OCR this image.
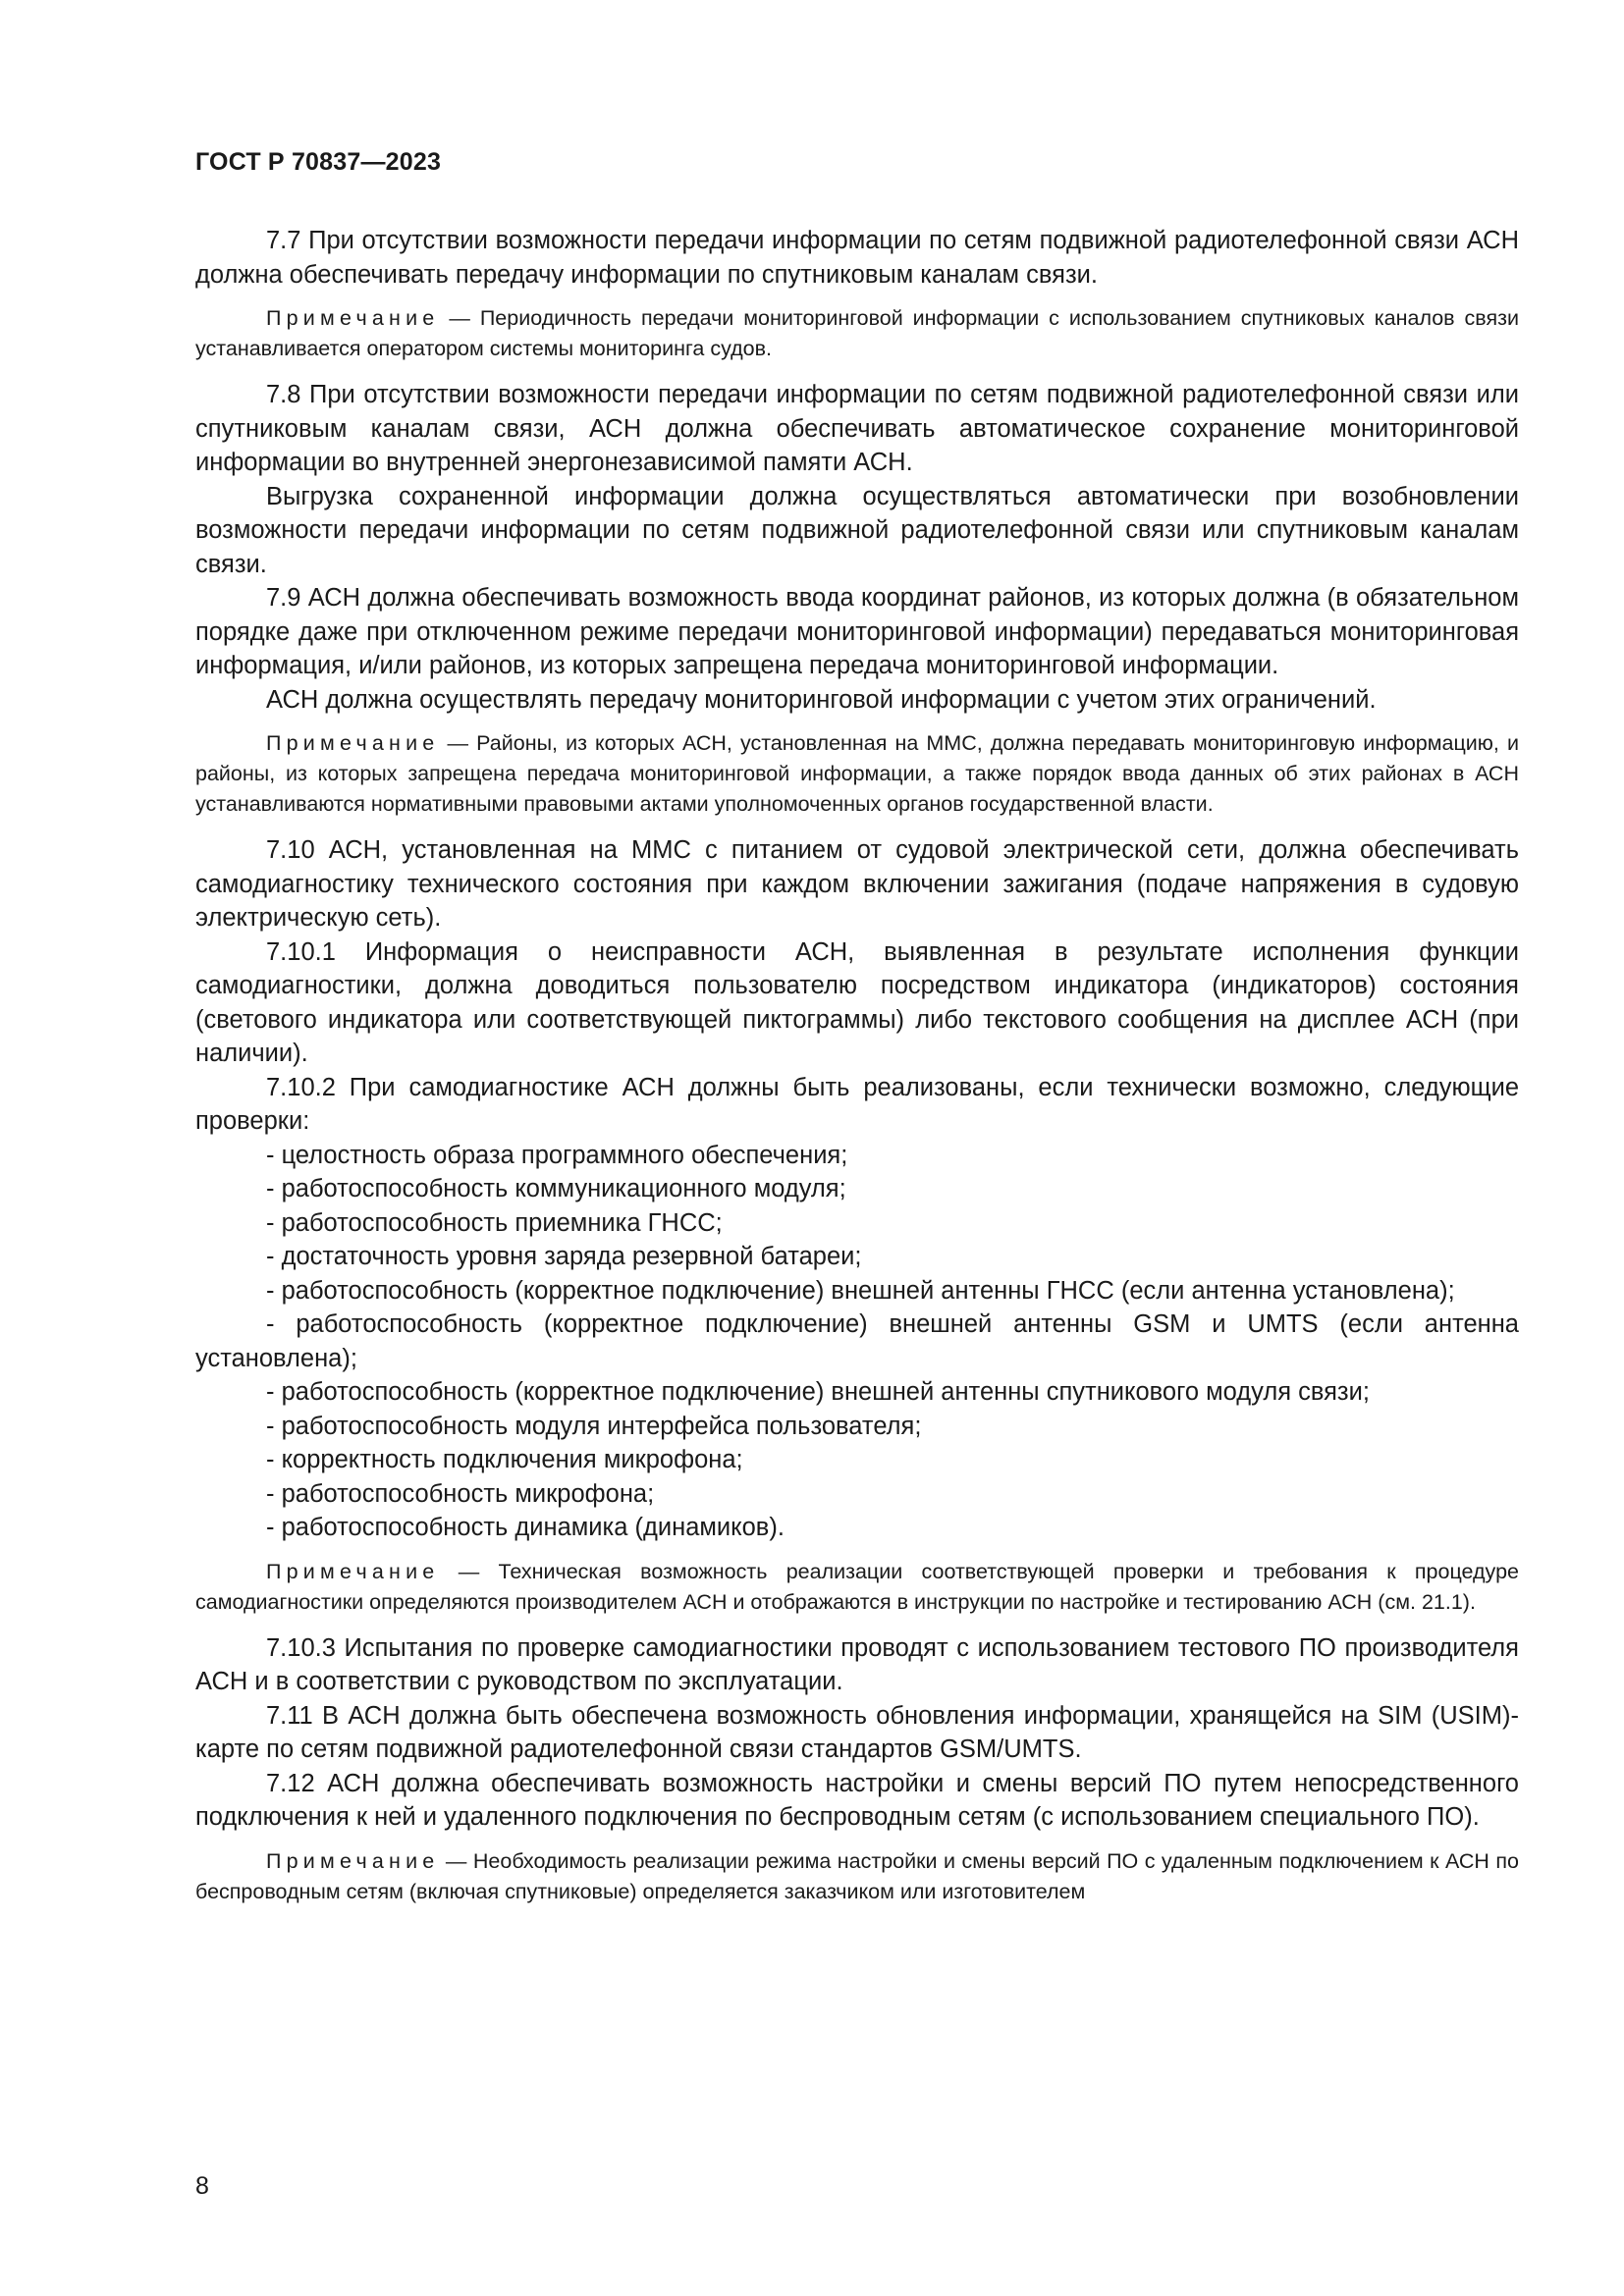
ГОСТ Р 70837—2023

7.7 При отсутствии возможности передачи информации по сетям подвижной радиотелефонной связи АСН должна обеспечивать передачу информации по спутниковым каналам связи.

Примечание — Периодичность передачи мониторинговой информации с использованием спутниковых каналов связи устанавливается оператором системы мониторинга судов.

7.8 При отсутствии возможности передачи информации по сетям подвижной радиотелефонной связи или спутниковым каналам связи, АСН должна обеспечивать автоматическое сохранение мониторинговой информации во внутренней энергонезависимой памяти АСН.

Выгрузка сохраненной информации должна осуществляться автоматически при возобновлении возможности передачи информации по сетям подвижной радиотелефонной связи или спутниковым каналам связи.

7.9 АСН должна обеспечивать возможность ввода координат районов, из которых должна (в обязательном порядке даже при отключенном режиме передачи мониторинговой информации) передаваться мониторинговая информация, и/или районов, из которых запрещена передача мониторинговой информации.

АСН должна осуществлять передачу мониторинговой информации с учетом этих ограничений.

Примечание — Районы, из которых АСН, установленная на ММС, должна передавать мониторинговую информацию, и районы, из которых запрещена передача мониторинговой информации, а также порядок ввода данных об этих районах в АСН устанавливаются нормативными правовыми актами уполномоченных органов государственной власти.

7.10 АСН, установленная на ММС с питанием от судовой электрической сети, должна обеспечивать самодиагностику технического состояния при каждом включении зажигания (подаче напряжения в судовую электрическую сеть).

7.10.1 Информация о неисправности АСН, выявленная в результате исполнения функции самодиагностики, должна доводиться пользователю посредством индикатора (индикаторов) состояния (светового индикатора или соответствующей пиктограммы) либо текстового сообщения на дисплее АСН (при наличии).

7.10.2 При самодиагностике АСН должны быть реализованы, если технически возможно, следующие проверки:

- целостность образа программного обеспечения;

- работоспособность коммуникационного модуля;

- работоспособность приемника ГНСС;

- достаточность уровня заряда резервной батареи;

- работоспособность (корректное подключение) внешней антенны ГНСС (если антенна установлена);

- работоспособность (корректное подключение) внешней антенны GSM и UMTS (если антенна установлена);

- работоспособность (корректное подключение) внешней антенны спутникового модуля связи;

- работоспособность модуля интерфейса пользователя;

- корректность подключения микрофона;

- работоспособность микрофона;

- работоспособность динамика (динамиков).

Примечание — Техническая возможность реализации соответствующей проверки и требования к процедуре самодиагностики определяются производителем АСН и отображаются в инструкции по настройке и тестированию АСН (см. 21.1).

7.10.3 Испытания по проверке самодиагностики проводят с использованием тестового ПО производителя АСН и в соответствии с руководством по эксплуатации.

7.11 В АСН должна быть обеспечена возможность обновления информации, хранящейся на SIM (USIM)-карте по сетям подвижной радиотелефонной связи стандартов GSM/UMTS.

7.12 АСН должна обеспечивать возможность настройки и смены версий ПО путем непосредственного подключения к ней и удаленного подключения по беспроводным сетям (с использованием специального ПО).

Примечание — Необходимость реализации режима настройки и смены версий ПО с удаленным подключением к АСН по беспроводным сетям (включая спутниковые) определяется заказчиком или изготовителем

8
